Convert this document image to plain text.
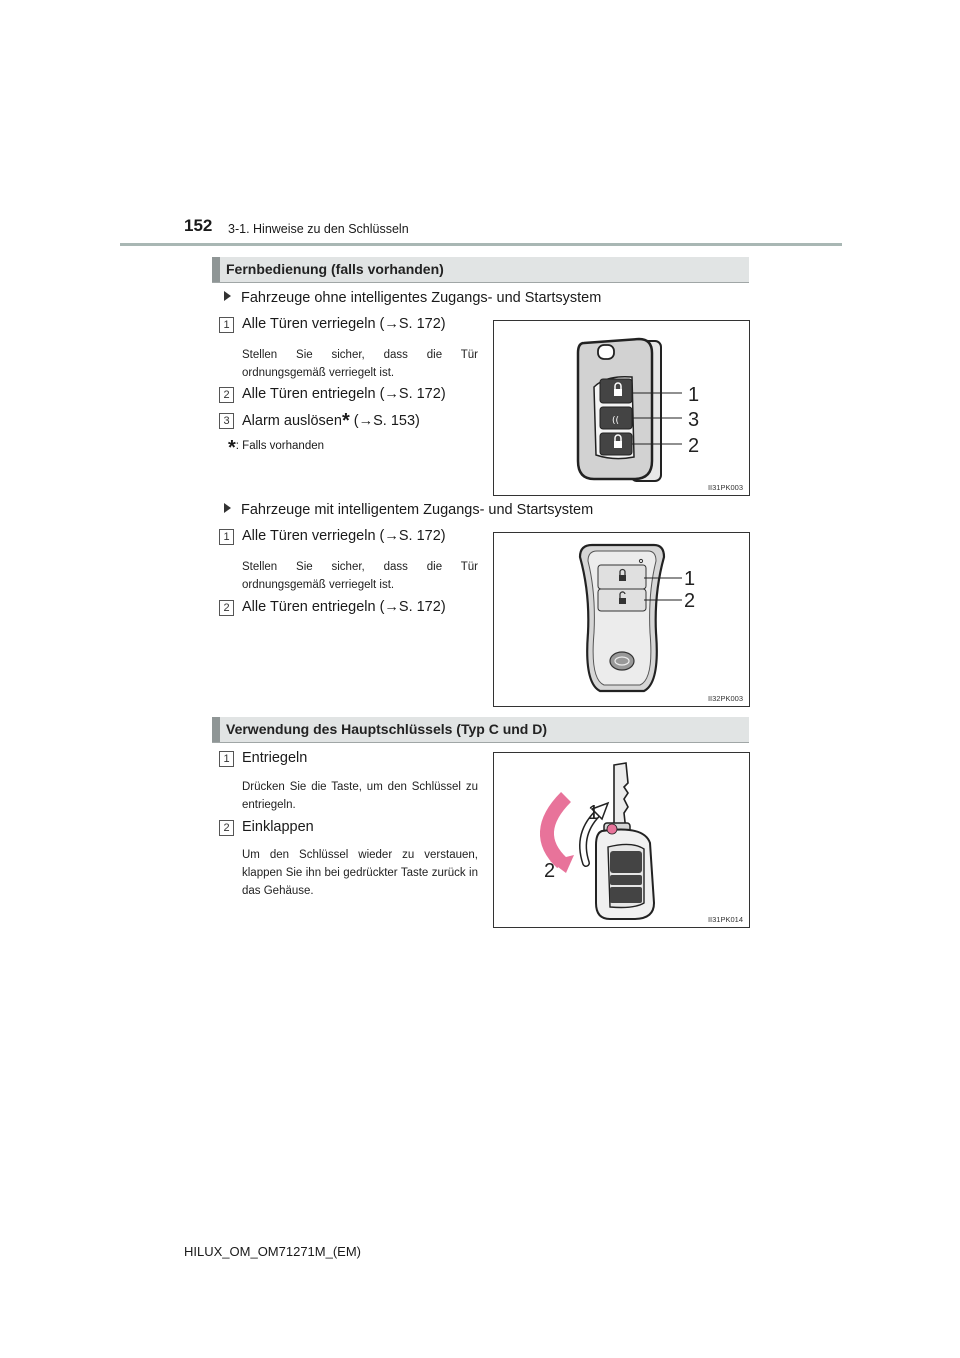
152 3-1. Hinweise zu den Schlüsseln
Fernbedienung (falls vorhanden)
Fahrzeuge ohne intelligentes Zugangs- und Startsystem
1 Alle Türen verriegeln (→S. 172)
Stellen Sie sicher, dass die Tür ordnungsgemäß verriegelt ist.
2 Alle Türen entriegeln (→S. 172)
3 Alarm auslösen* (→S. 153)
*: Falls vorhanden
((
1
3
2
II31PK003
Fahrzeuge mit intelligentem Zugangs- und Startsystem
1 Alle Türen verriegeln (→S. 172)
Stellen Sie sicher, dass die Tür ordnungsgemäß verriegelt ist.
2 Alle Türen entriegeln (→S. 172)
1
2
II32PK003
Verwendung des Hauptschlüssels (Typ C und D)
1 Entriegeln
Drücken Sie die Taste, um den Schlüssel zu entriegeln.
2 Einklappen
Um den Schlüssel wieder zu verstauen, klappen Sie ihn bei gedrückter Taste zurück in das Gehäuse.
1
2
II31PK014
HILUX_OM_OM71271M_(EM)
